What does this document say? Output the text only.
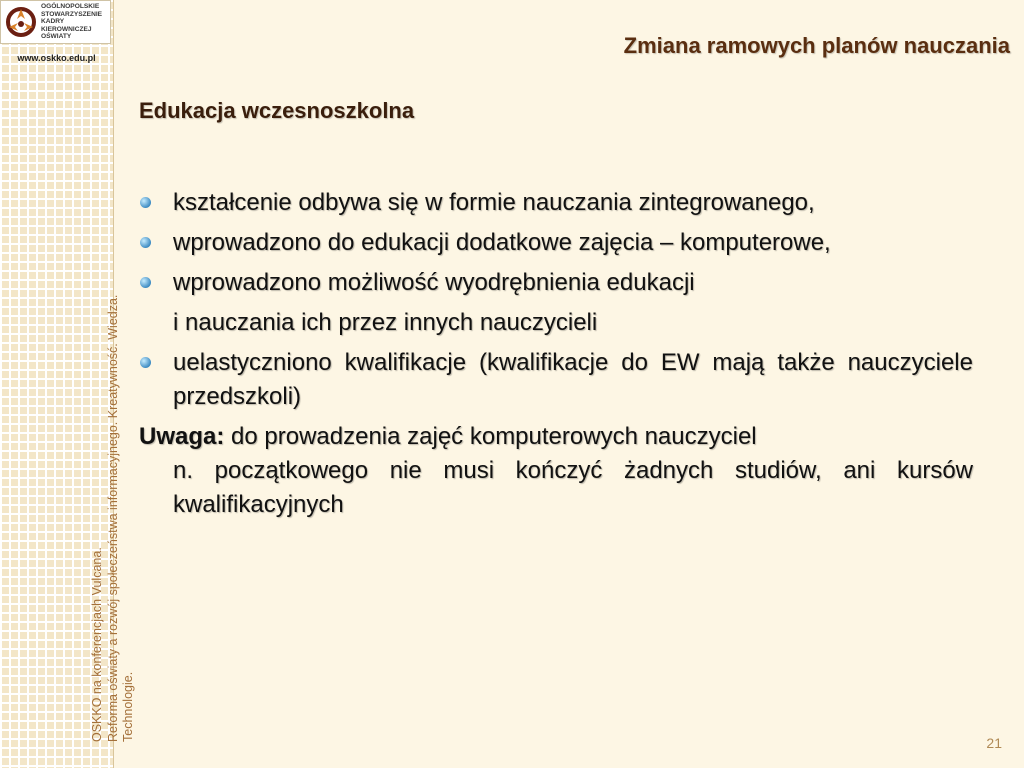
OGÓLNOPOLSKIE
STOWARZYSZENIE
KADRY
KIEROWNICZEJ
OŚWIATY
www.oskko.edu.pl
OSKKO na konferencjach Vulcana. Reforma oświaty a rozwój społeczeństwa informacyjnego. Kreatywność. Wiedza. Technologie.
Zmiana ramowych planów nauczania
Edukacja wczesnoszkolna
kształcenie odbywa się w formie nauczania zintegrowanego,
wprowadzono do edukacji dodatkowe zajęcia – komputerowe,
wprowadzono możliwość wyodrębnienia edukacji
i nauczania ich przez innych nauczycieli
uelastyczniono kwalifikacje (kwalifikacje do EW mają także nauczyciele przedszkoli)
Uwaga: do prowadzenia zajęć komputerowych nauczyciel
n. początkowego nie musi kończyć żadnych studiów, ani kursów kwalifikacyjnych
21
